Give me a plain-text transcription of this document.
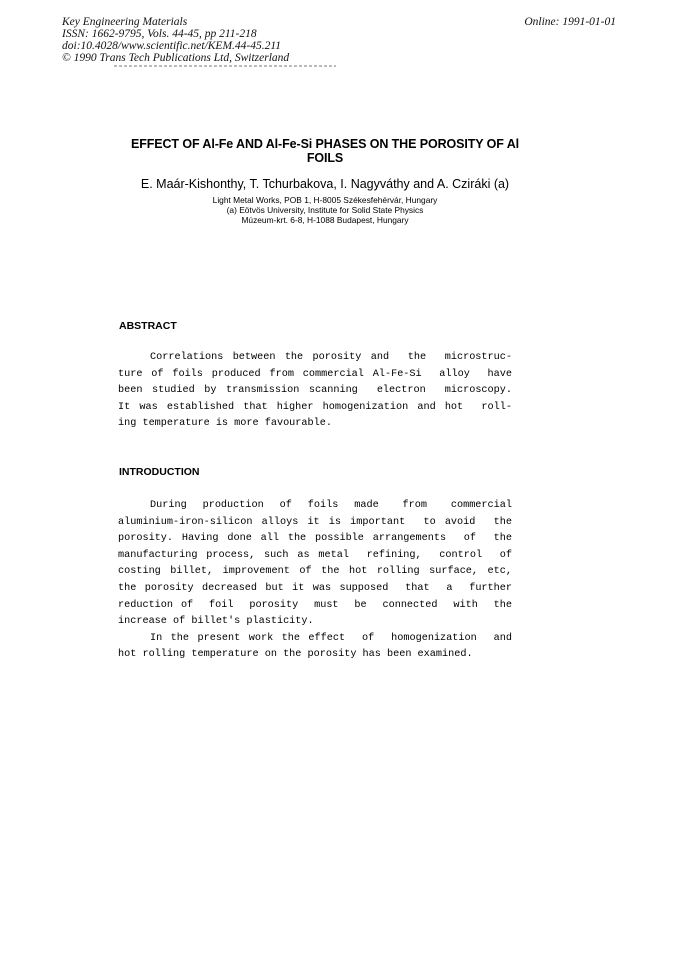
Key Engineering Materials
ISSN: 1662-9795, Vols. 44-45, pp 211-218
doi:10.4028/www.scientific.net/KEM.44-45.211
© 1990 Trans Tech Publications Ltd, Switzerland
Online: 1991-01-01
EFFECT OF Al-Fe AND Al-Fe-Si PHASES ON THE POROSITY OF Al
FOILS
E. Maár-Kishonthy, T. Tchurbakova, I. Nagyváthy and A. Cziráki (a)
Light Metal Works, POB 1, H-8005 Székesfehérvár, Hungary
(a) Eötvös University, Institute for Solid State Physics
Múzeum-krt. 6-8, H-1088 Budapest, Hungary
ABSTRACT
Correlations between the porosity and  the  microstruc-
ture of foils produced from commercial Al-Fe-Si  alloy  have
been studied by transmission scanning  electron  microscopy.
It was established that higher homogenization and hot  roll-
ing temperature is more favourable.
INTRODUCTION
During  production  of  foils  made   from   commercial
aluminium-iron-silicon alloys it is important  to avoid  the
porosity. Having done all the possible arrangements  of  the
manufacturing process, such as metal  refining,  control  of
costing billet, improvement of the hot rolling surface, etc,
the porosity decreased but it was supposed  that  a  further
reduction of  foil  porosity  must  be  connected  with  the
increase of billet's plasticity.
In the present work the effect  of  homogenization  and
hot rolling temperature on the porosity has been examined.
